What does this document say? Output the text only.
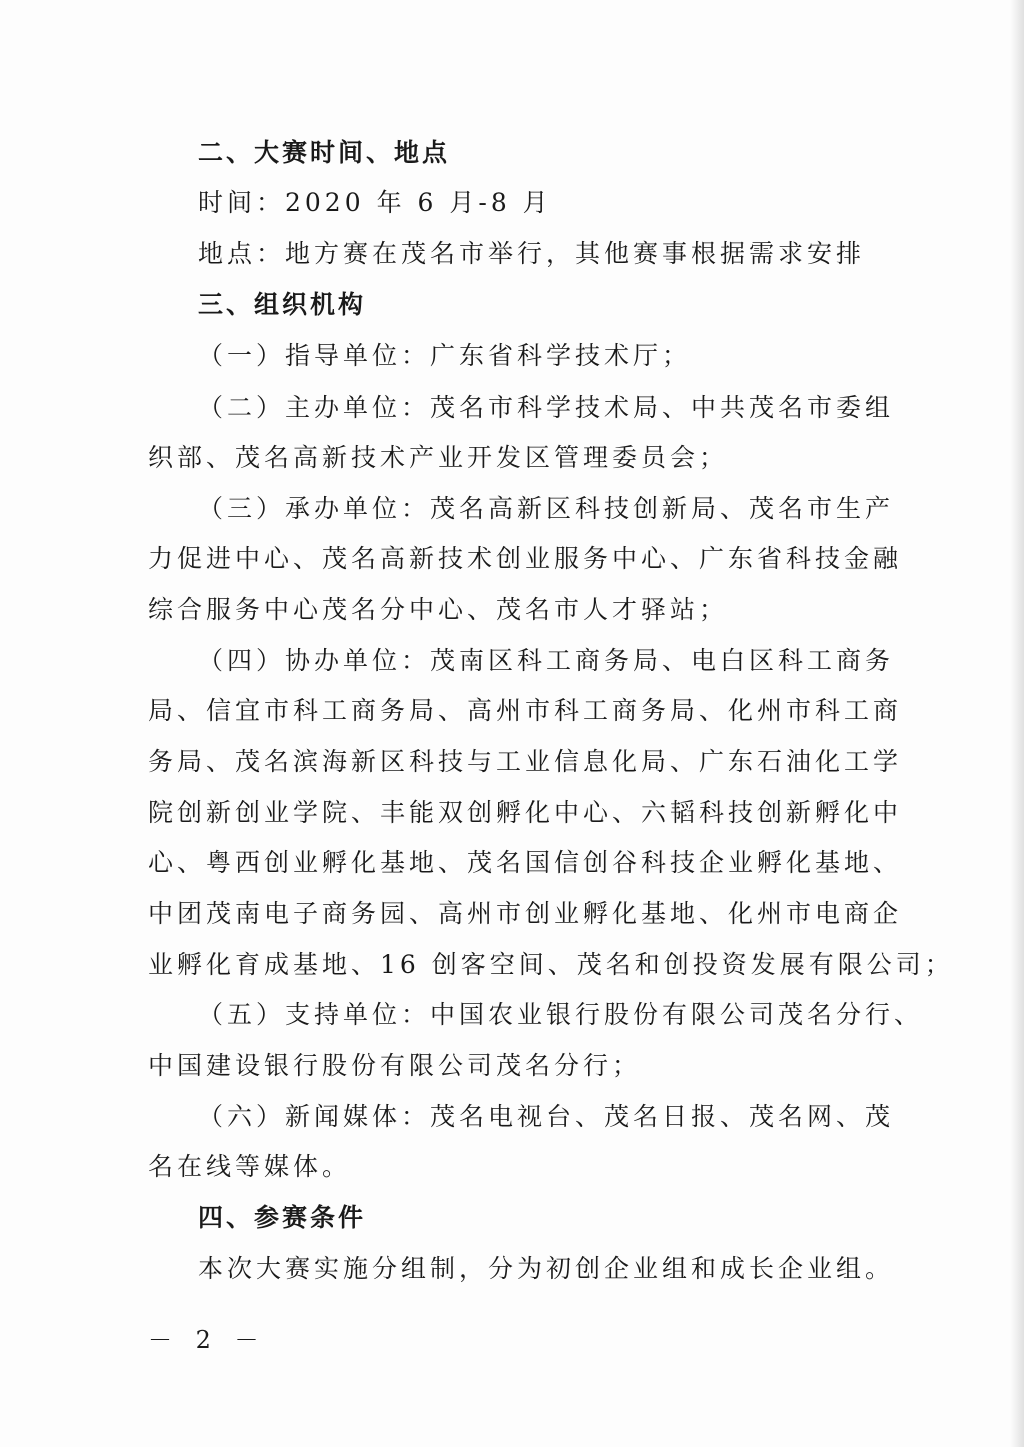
二、大赛时间、地点
时间：2020 年 6 月-8 月
地点：地方赛在茂名市举行，其他赛事根据需求安排
三、组织机构
（一）指导单位：广东省科学技术厅；
（二）主办单位：茂名市科学技术局、中共茂名市委组
织部、茂名高新技术产业开发区管理委员会；
（三）承办单位：茂名高新区科技创新局、茂名市生产
力促进中心、茂名高新技术创业服务中心、广东省科技金融
综合服务中心茂名分中心、茂名市人才驿站；
（四）协办单位：茂南区科工商务局、电白区科工商务
局、信宜市科工商务局、高州市科工商务局、化州市科工商
务局、茂名滨海新区科技与工业信息化局、广东石油化工学
院创新创业学院、丰能双创孵化中心、六韬科技创新孵化中
心、粤西创业孵化基地、茂名国信创谷科技企业孵化基地、
中团茂南电子商务园、高州市创业孵化基地、化州市电商企
业孵化育成基地、16 创客空间、茂名和创投资发展有限公司；
（五）支持单位：中国农业银行股份有限公司茂名分行、
中国建设银行股份有限公司茂名分行；
（六）新闻媒体：茂名电视台、茂名日报、茂名网、茂
名在线等媒体。
四、参赛条件
本次大赛实施分组制，分为初创企业组和成长企业组。
－ 2 －
